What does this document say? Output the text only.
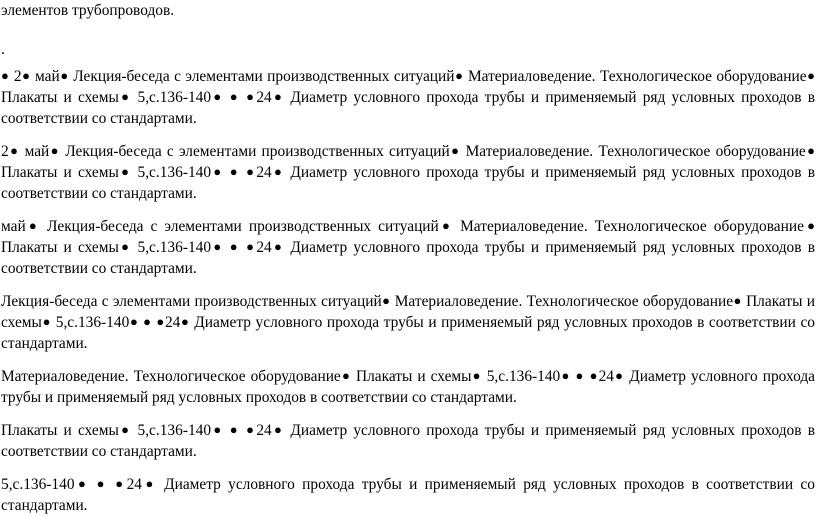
элементов трубопроводов.
.

● 2● май● Лекция-беседа с элементами производственных ситуаций● Материаловедение. Технологическое оборудование● Плакаты и схемы● 5,с.136-140● ● ●24● Диаметр условного прохода трубы и применяемый ряд условных проходов в соответствии со стандартами.

2● май● Лекция-беседа с элементами производственных ситуаций● Материаловедение. Технологическое оборудование● Плакаты и схемы● 5,с.136-140● ● ●24● Диаметр условного прохода трубы и применяемый ряд условных проходов в соответствии со стандартами.

май● Лекция-беседа с элементами производственных ситуаций● Материаловедение. Технологическое оборудование● Плакаты и схемы● 5,с.136-140● ● ●24● Диаметр условного прохода трубы и применяемый ряд условных проходов в соответствии со стандартами.

Лекция-беседа с элементами производственных ситуаций● Материаловедение. Технологическое оборудование● Плакаты и схемы● 5,с.136-140● ● ●24● Диаметр условного прохода трубы и применяемый ряд условных проходов в соответствии со стандартами.

Материаловедение. Технологическое оборудование● Плакаты и схемы● 5,с.136-140● ● ●24● Диаметр условного прохода трубы и применяемый ряд условных проходов в соответствии со стандартами.

Плакаты и схемы● 5,с.136-140● ● ●24● Диаметр условного прохода трубы и применяемый ряд условных проходов в соответствии со стандартами.

5,с.136-140● ● ●24● Диаметр условного прохода трубы и применяемый ряд условных проходов в соответствии со стандартами.
